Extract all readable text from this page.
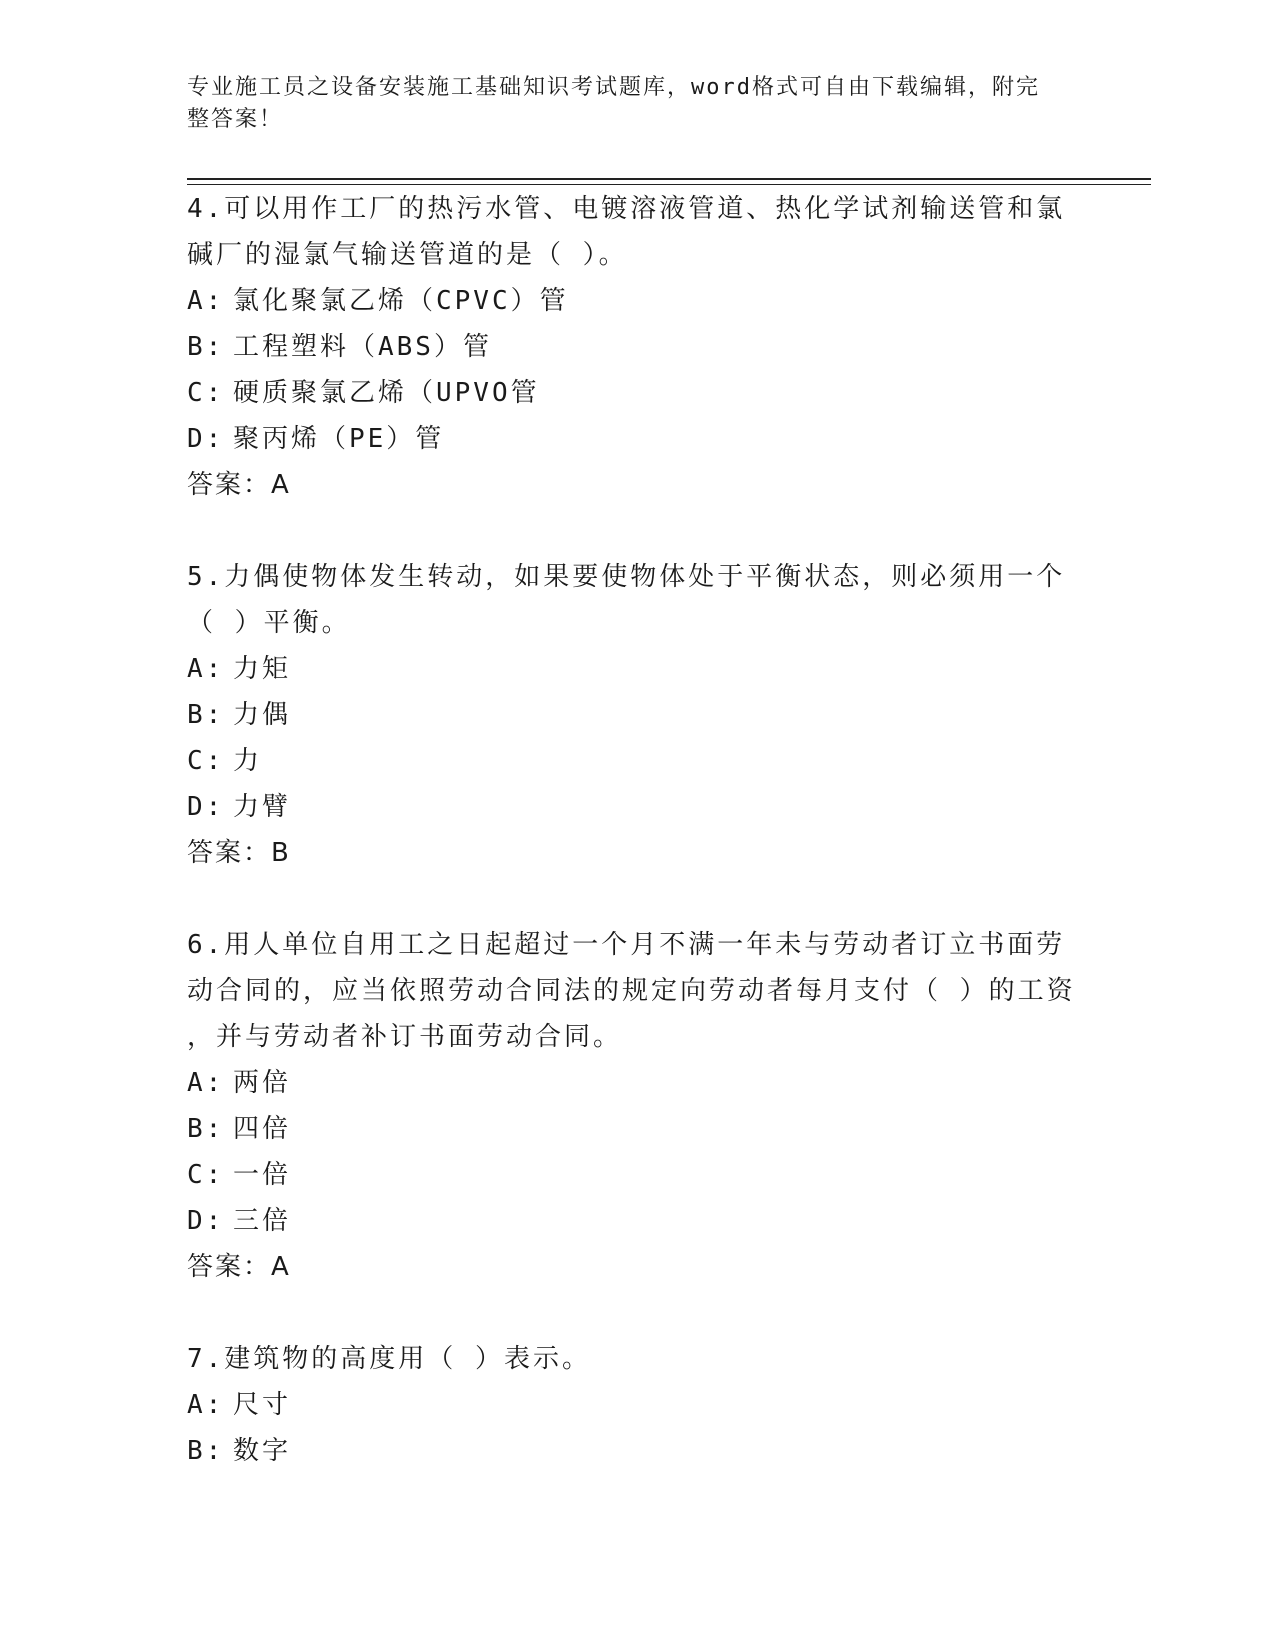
专业施工员之设备安装施工基础知识考试题库，word格式可自由下载编辑，附完
整答案！
4.可以用作工厂的热污水管、电镀溶液管道、热化学试剂输送管和氯
碱厂的湿氯气输送管道的是（ ）。
A: 氯化聚氯乙烯（CPVC）管
B: 工程塑料（ABS）管
C: 硬质聚氯乙烯（UPVO管
D: 聚丙烯（PE）管
答案：A
5.力偶使物体发生转动，如果要使物体处于平衡状态，则必须用一个
（ ）平衡。
A: 力矩
B: 力偶
C: 力
D: 力臂
答案：B
6.用人单位自用工之日起超过一个月不满一年未与劳动者订立书面劳
动合同的，应当依照劳动合同法的规定向劳动者每月支付（ ）的工资
，并与劳动者补订书面劳动合同。
A: 两倍
B: 四倍
C: 一倍
D: 三倍
答案：A
7.建筑物的高度用（ ）表示。
A: 尺寸
B: 数字
